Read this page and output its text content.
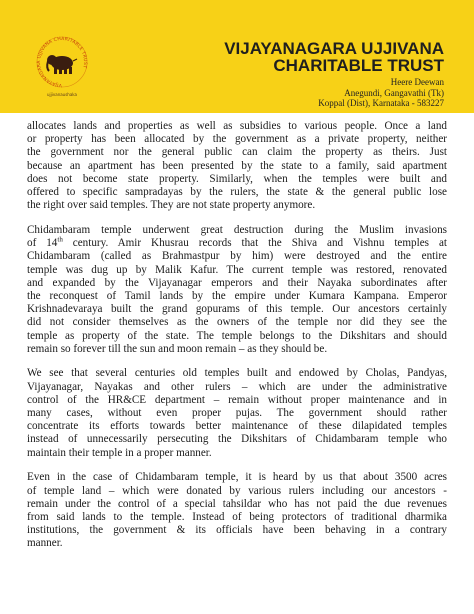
VIJAYANAGARA UJJIVANA CHARITABLE TRUST
ujjivanaushaka
VIJAYANAGARA UJJIVANA
CHARITABLE TRUST
Heere Deewan
Anegundi, Gangavathi (Tk)
Koppal (Dist), Karnataka - 583227

allocates lands and properties as well as subsidies to various people. Once a land
or property has been allocated by the government as a private property, neither
the government nor the general public can claim the property as theirs. Just
because an apartment has been presented by the state to a family, said apartment
does not become state property. Similarly, when the temples were built and
offered to specific sampradayas by the rulers, the state & the general public lose
the right over said temples. They are not state property anymore.

Chidambaram temple underwent great destruction during the Muslim invasions
of 14th century. Amir Khusrau records that the Shiva and Vishnu temples at
Chidambaram (called as Brahmastpur by him) were destroyed and the entire
temple was dug up by Malik Kafur. The current temple was restored, renovated
and expanded by the Vijayanagar emperors and their Nayaka subordinates after
the reconquest of Tamil lands by the empire under Kumara Kampana. Emperor
Krishnadevaraya built the grand gopurams of this temple. Our ancestors certainly
did not consider themselves as the owners of the temple nor did they see the
temple as property of the state. The temple belongs to the Dikshitars and should
remain so forever till the sun and moon remain – as they should be.

We see that several centuries old temples built and endowed by Cholas, Pandyas,
Vijayanagar, Nayakas and other rulers – which are under the administrative
control of the HR&CE department – remain without proper maintenance and in
many cases, without even proper pujas. The government should rather
concentrate its efforts towards better maintenance of these dilapidated temples
instead of unnecessarily persecuting the Dikshitars of Chidambaram temple who
maintain their temple in a proper manner.

Even in the case of Chidambaram temple, it is heard by us that about 3500 acres
of temple land – which were donated by various rulers including our ancestors -
remain under the control of a special tahsildar who has not paid the due revenues
from said lands to the temple. Instead of being protectors of traditional dharmika
institutions, the government & its officials have been behaving in a contrary
manner.
